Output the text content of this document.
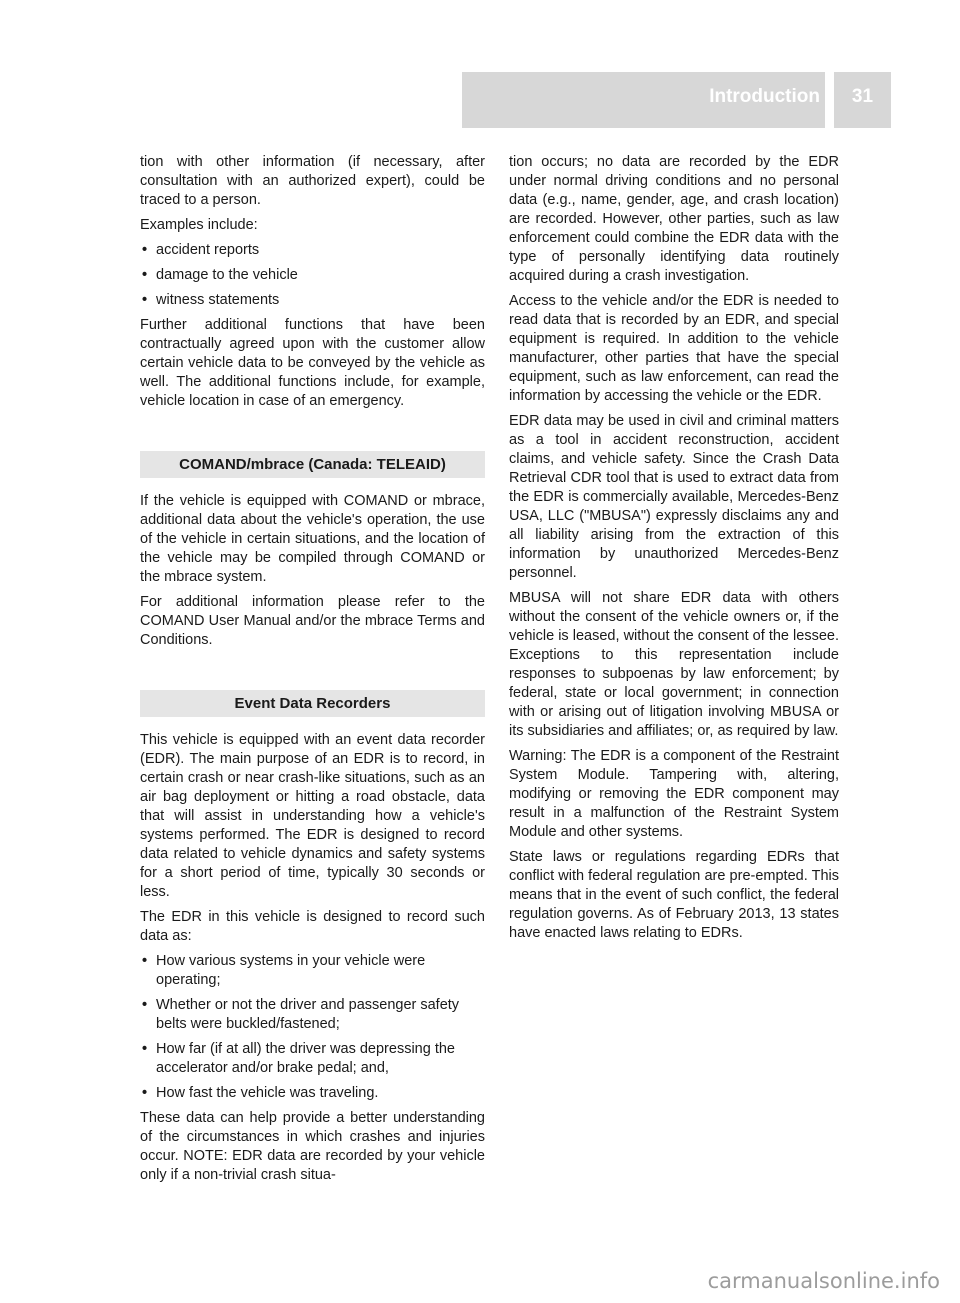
Introduction	31

tion with other information (if necessary, after consultation with an authorized expert), could be traced to a person.

Examples include:

• accident reports
• damage to the vehicle
• witness statements

Further additional functions that have been contractually agreed upon with the customer allow certain vehicle data to be conveyed by the vehicle as well. The additional functions include, for example, vehicle location in case of an emergency.

COMAND/mbrace (Canada: TELEAID)

If the vehicle is equipped with COMAND or mbrace, additional data about the vehicle's operation, the use of the vehicle in certain situations, and the location of the vehicle may be compiled through COMAND or the mbrace system.

For additional information please refer to the COMAND User Manual and/or the mbrace Terms and Conditions.

Event Data Recorders

This vehicle is equipped with an event data recorder (EDR). The main purpose of an EDR is to record, in certain crash or near crash-like situations, such as an air bag deployment or hitting a road obstacle, data that will assist in understanding how a vehicle's systems performed. The EDR is designed to record data related to vehicle dynamics and safety systems for a short period of time, typically 30 seconds or less.

The EDR in this vehicle is designed to record such data as:

• How various systems in your vehicle were operating;
• Whether or not the driver and passenger safety belts were buckled/fastened;
• How far (if at all) the driver was depressing the accelerator and/or brake pedal; and,
• How fast the vehicle was traveling.

These data can help provide a better understanding of the circumstances in which crashes and injuries occur. NOTE: EDR data are recorded by your vehicle only if a non-trivial crash situa-

tion occurs; no data are recorded by the EDR under normal driving conditions and no personal data (e.g., name, gender, age, and crash location) are recorded. However, other parties, such as law enforcement could combine the EDR data with the type of personally identifying data routinely acquired during a crash investigation.

Access to the vehicle and/or the EDR is needed to read data that is recorded by an EDR, and special equipment is required. In addition to the vehicle manufacturer, other parties that have the special equipment, such as law enforcement, can read the information by accessing the vehicle or the EDR.

EDR data may be used in civil and criminal matters as a tool in accident reconstruction, accident claims, and vehicle safety. Since the Crash Data Retrieval CDR tool that is used to extract data from the EDR is commercially available, Mercedes-Benz USA, LLC ("MBUSA") expressly disclaims any and all liability arising from the extraction of this information by unauthorized Mercedes-Benz personnel.

MBUSA will not share EDR data with others without the consent of the vehicle owners or, if the vehicle is leased, without the consent of the lessee. Exceptions to this representation include responses to subpoenas by law enforcement; by federal, state or local government; in connection with or arising out of litigation involving MBUSA or its subsidiaries and affiliates; or, as required by law.

Warning: The EDR is a component of the Restraint System Module. Tampering with, altering, modifying or removing the EDR component may result in a malfunction of the Restraint System Module and other systems.

State laws or regulations regarding EDRs that conflict with federal regulation are pre-empted. This means that in the event of such conflict, the federal regulation governs. As of February 2013, 13 states have enacted laws relating to EDRs.

carmanualsonline.info
